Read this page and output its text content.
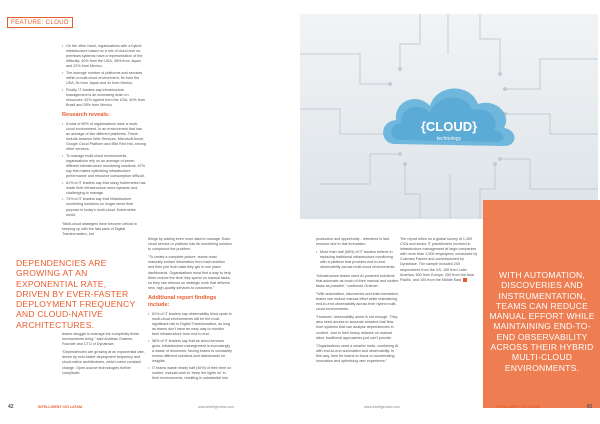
FEATURE: CLOUD
• On the other hand, organisations with a hybrid infrastructure based on a mix of cloud and on-premises systems have a representation of the difficulty: 40% from the USA, 38% from Japan and 22% from Mexico.
• The average number of platforms and services within a multi-cloud environment, 5x from the USA, 5x from Japan and 4x from Mexico.
• Finally, IT leaders say infrastructure management is an increasing drain on resources: 42% agreed from the USA, 40% from Brazil and 38% from Mexico.
Research reveals:
• A total of 89% of organisations have a multi-cloud environment. In an environment that has an average of five different platforms. These include Amazon Web Services, Microsoft Azure, Google Cloud Platform and IBM Red Hat, among other vendors.
• To manage multi-cloud environments, organisations rely on an average of seven different infrastructure monitoring solutions. 67% say this makes optimising infrastructure performance and resource consumption difficult.
• 61% of IT leaders say that using Kubernetes has made their infrastructure more dynamic and challenging to manage.
• 74% of IT leaders say that infrastructure monitoring solutions no longer serve their purpose in today’s multi-cloud, Kubernetes world.

“Multi-cloud strategies have become critical to keeping up with the fast pace of Digital Transformation, but

DEPENDENCIES ARE GROWING AT AN EXPONENTIAL RATE, DRIVEN BY EVER-FASTER DEPLOYMENT FREQUENCY AND CLOUD-NATIVE ARCHITECTURES.

teams struggle to manage the complexity these environments bring,” said Andreas Grabner, Founder and CTO of Dynatrace.

“Dependencies are growing at an exponential rate, driven by ever-faster deployment frequency and cloud-native architectures, which mean constant change. Open-source technologies further complicate

things by adding even more data to manage. Each cloud service or platform has its monitoring solution to compound the problem.

“To create a complete picture, teams must manually extract information from each solution and then join truth data they get in one place dashboards. Organisations must find a way to help them reduce the time they spend on manual tasks, so they can refocus on strategic work that delivers new, high-quality services to customers.”

Additional report findings include:
• 81% of IT leaders say observability blind spots in multi-cloud environments will be the most significant risk to Digital Transformation, as long as teams don’t have an easy way to monitor their infrastructure from end to end.
• 58% of IT leaders say that as cloud services grow, infrastructure management is increasingly a waste of resources, forcing teams to constantly review different solutions and dashboards for insights.
• IT teams waste nearly half (40%) of their time on routine, manual work to ‘keep the lights on’ in their environments, resulting in substantial lost
{CLOUD}
technology

productive and opportunity - refreshed in last revenue due to fast innovation.

• More than half (56%) of IT leaders believe in replacing traditional infrastructure monitoring with a platform that provides end-to-end observability across multi-cloud environments.

“Infrastructure teams need AI-powered solutions that automate as much of their manual and routine tasks as possible,” continued Grabner.

“With automation, discoveries and instrumentation, teams can reduce manual effort while maintaining end-to-end observability across their hybrid multi-cloud environments.

“However, observability alone is not enough. They also need access to accurate answers that flow from systems that can analyse dependencies in context. Just to their heavy reliance on manual labor, traditional approaches just can’t provide.

“Organisations need a smarter route, combining AI with end-to-end automation and observability. In this way, time for teams to focus on accelerating innovation and optimising user experience.”

The report relies on a global survey of 1,300 CIOs and senior IT practitioners involved in infrastructure management at large companies with more than 1,000 employees, conducted by Coleman Parkes and commissioned by Dynatrace. The sample included 200 respondents from the US, 150 from Latin America, 600 from Europe, 250 from the Asia Pacific, and 100 from the Middle East.	WITH AUTOMATION, DISCOVERIES AND INSTRUMENTATION, TEAMS CAN REDUCE MANUAL EFFORT WHILE MAINTAINING END-TO-END OBSERVABILITY ACROSS THEIR HYBRID MULTI-CLOUD ENVIRONMENTS.
42	INTELLIGENT CIO LATAM	www.intelligentcio.com	www.intelligentcio.com	INTELLIGENT CIO LATAM	43
